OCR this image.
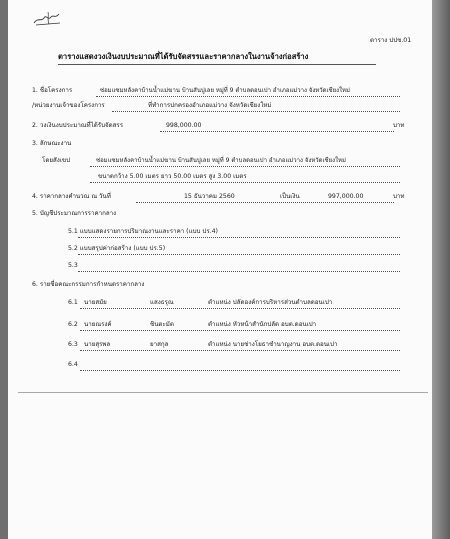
ตาราง ปปช.01
ตารางแสดงวงเงินงบประมาณที่ได้รับจัดสรรและราคากลางในงานจ้างก่อสร้าง
1. ชื่อโครงการ	ซ่อมแซมหลังคาบ้านน้ำแม่ฆาน บ้านสันปูเลย หมู่ที่ 9 ตำบลดอนเปา อำเภอแม่วาง จังหวัดเชียงใหม่
/หน่วยงานเจ้าของโครงการ	ที่ทำการปกครองอำเภอแม่วาง จังหวัดเชียงใหม่
2. วงเงินงบประมาณที่ได้รับจัดสรร	998,000.00	บาท
3. ลักษณะงาน
โดยสังเขป	ซ่อมแซมหลังคาบ้านน้ำแม่ฆาน บ้านสันปูเลย หมู่ที่ 9 ตำบลดอนเปา อำเภอแม่วาง จังหวัดเชียงใหม่
ขนาดกว้าง 5.00 เมตร ยาว 50.00 เมตร สูง 3.00 เมตร
4. ราคากลางคำนวณ ณ วันที่	15 ธันวาคม 2560	เป็นเงิน	997,000.00	บาท
5. บัญชีประมาณการราคากลาง
5.1 แบบแสดงรายการปริมาณงานและราคา (แบบ ปร.4)
5.2 แบบสรุปค่าก่อสร้าง (แบบ ปร.5)
5.3
6. รายชื่อคณะกรรมการกำหนดราคากลาง
6.1 นายสมัย	แสงธรุณ	ตำแหน่ง ปลัดองค์การบริหารส่วนตำบลดอนเปา
6.2 นายณรงค์	ชินตะมัต	ตำแหน่ง หัวหน้าสำนักปลัด อบต.ดอนเปา
6.3 นายสุรพล	ยาสกุล	ตำแหน่ง นายช่างโยธาชำนาญงาน อบต.ดอนเปา
6.4
